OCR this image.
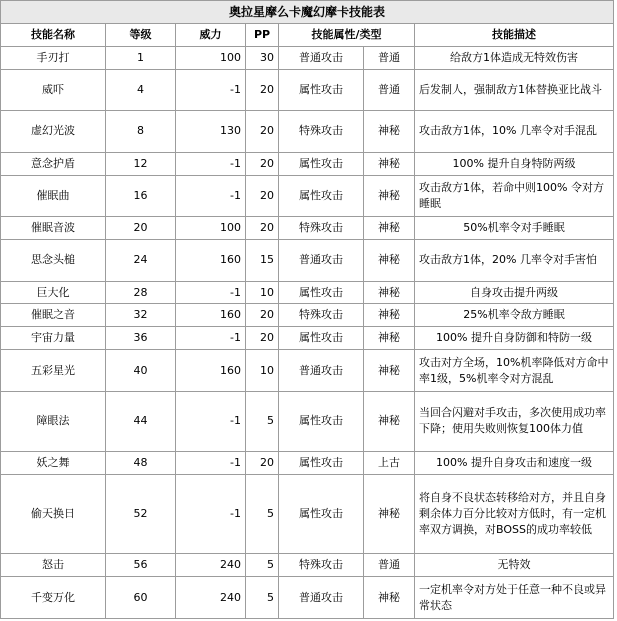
奥拉星摩么卡魔幻摩卡技能表						
技能名称	等级	威力	PP	技能属性/类型		技能描述
手刃打	1	100	30	普通攻击	普通	给敌方1体造成无特效伤害
威吓	4	-1	20	属性攻击	普通	后发制人，强制敌方1体替换亚比战斗
虚幻光波	8	130	20	特殊攻击	神秘	攻击敌方1体，10% 几率令对手混乱
意念护盾	12	-1	20	属性攻击	神秘	100% 提升自身特防两级
催眠曲	16	-1	20	属性攻击	神秘	攻击敌方1体，若命中则100% 令对方睡眠
催眠音波	20	100	20	特殊攻击	神秘	50%机率令对手睡眠
思念头槌	24	160	15	普通攻击	神秘	攻击敌方1体，20% 几率令对手害怕
巨大化	28	-1	10	属性攻击	神秘	自身攻击提升两级
催眠之音	32	160	20	特殊攻击	神秘	25%机率令敌方睡眠
宇宙力量	36	-1	20	属性攻击	神秘	100% 提升自身防御和特防一级
五彩星光	40	160	10	普通攻击	神秘	攻击对方全场，10%机率降低对方命中率1级，5%机率令对方混乱
障眼法	44	-1	5	属性攻击	神秘	当回合闪避对手攻击，多次使用成功率下降；使用失败则恢复100体力值
妖之舞	48	-1	20	属性攻击	上古	100% 提升自身攻击和速度一级
偷天换日	52	-1	5	属性攻击	神秘	将自身不良状态转移给对方，并且自身剩余体力百分比较对方低时，有一定机率双方调换，对BOSS的成功率较低
怒击	56	240	5	特殊攻击	普通	无特效
千变万化	60	240	5	普通攻击	神秘	一定机率令对方处于任意一种不良或异常状态
